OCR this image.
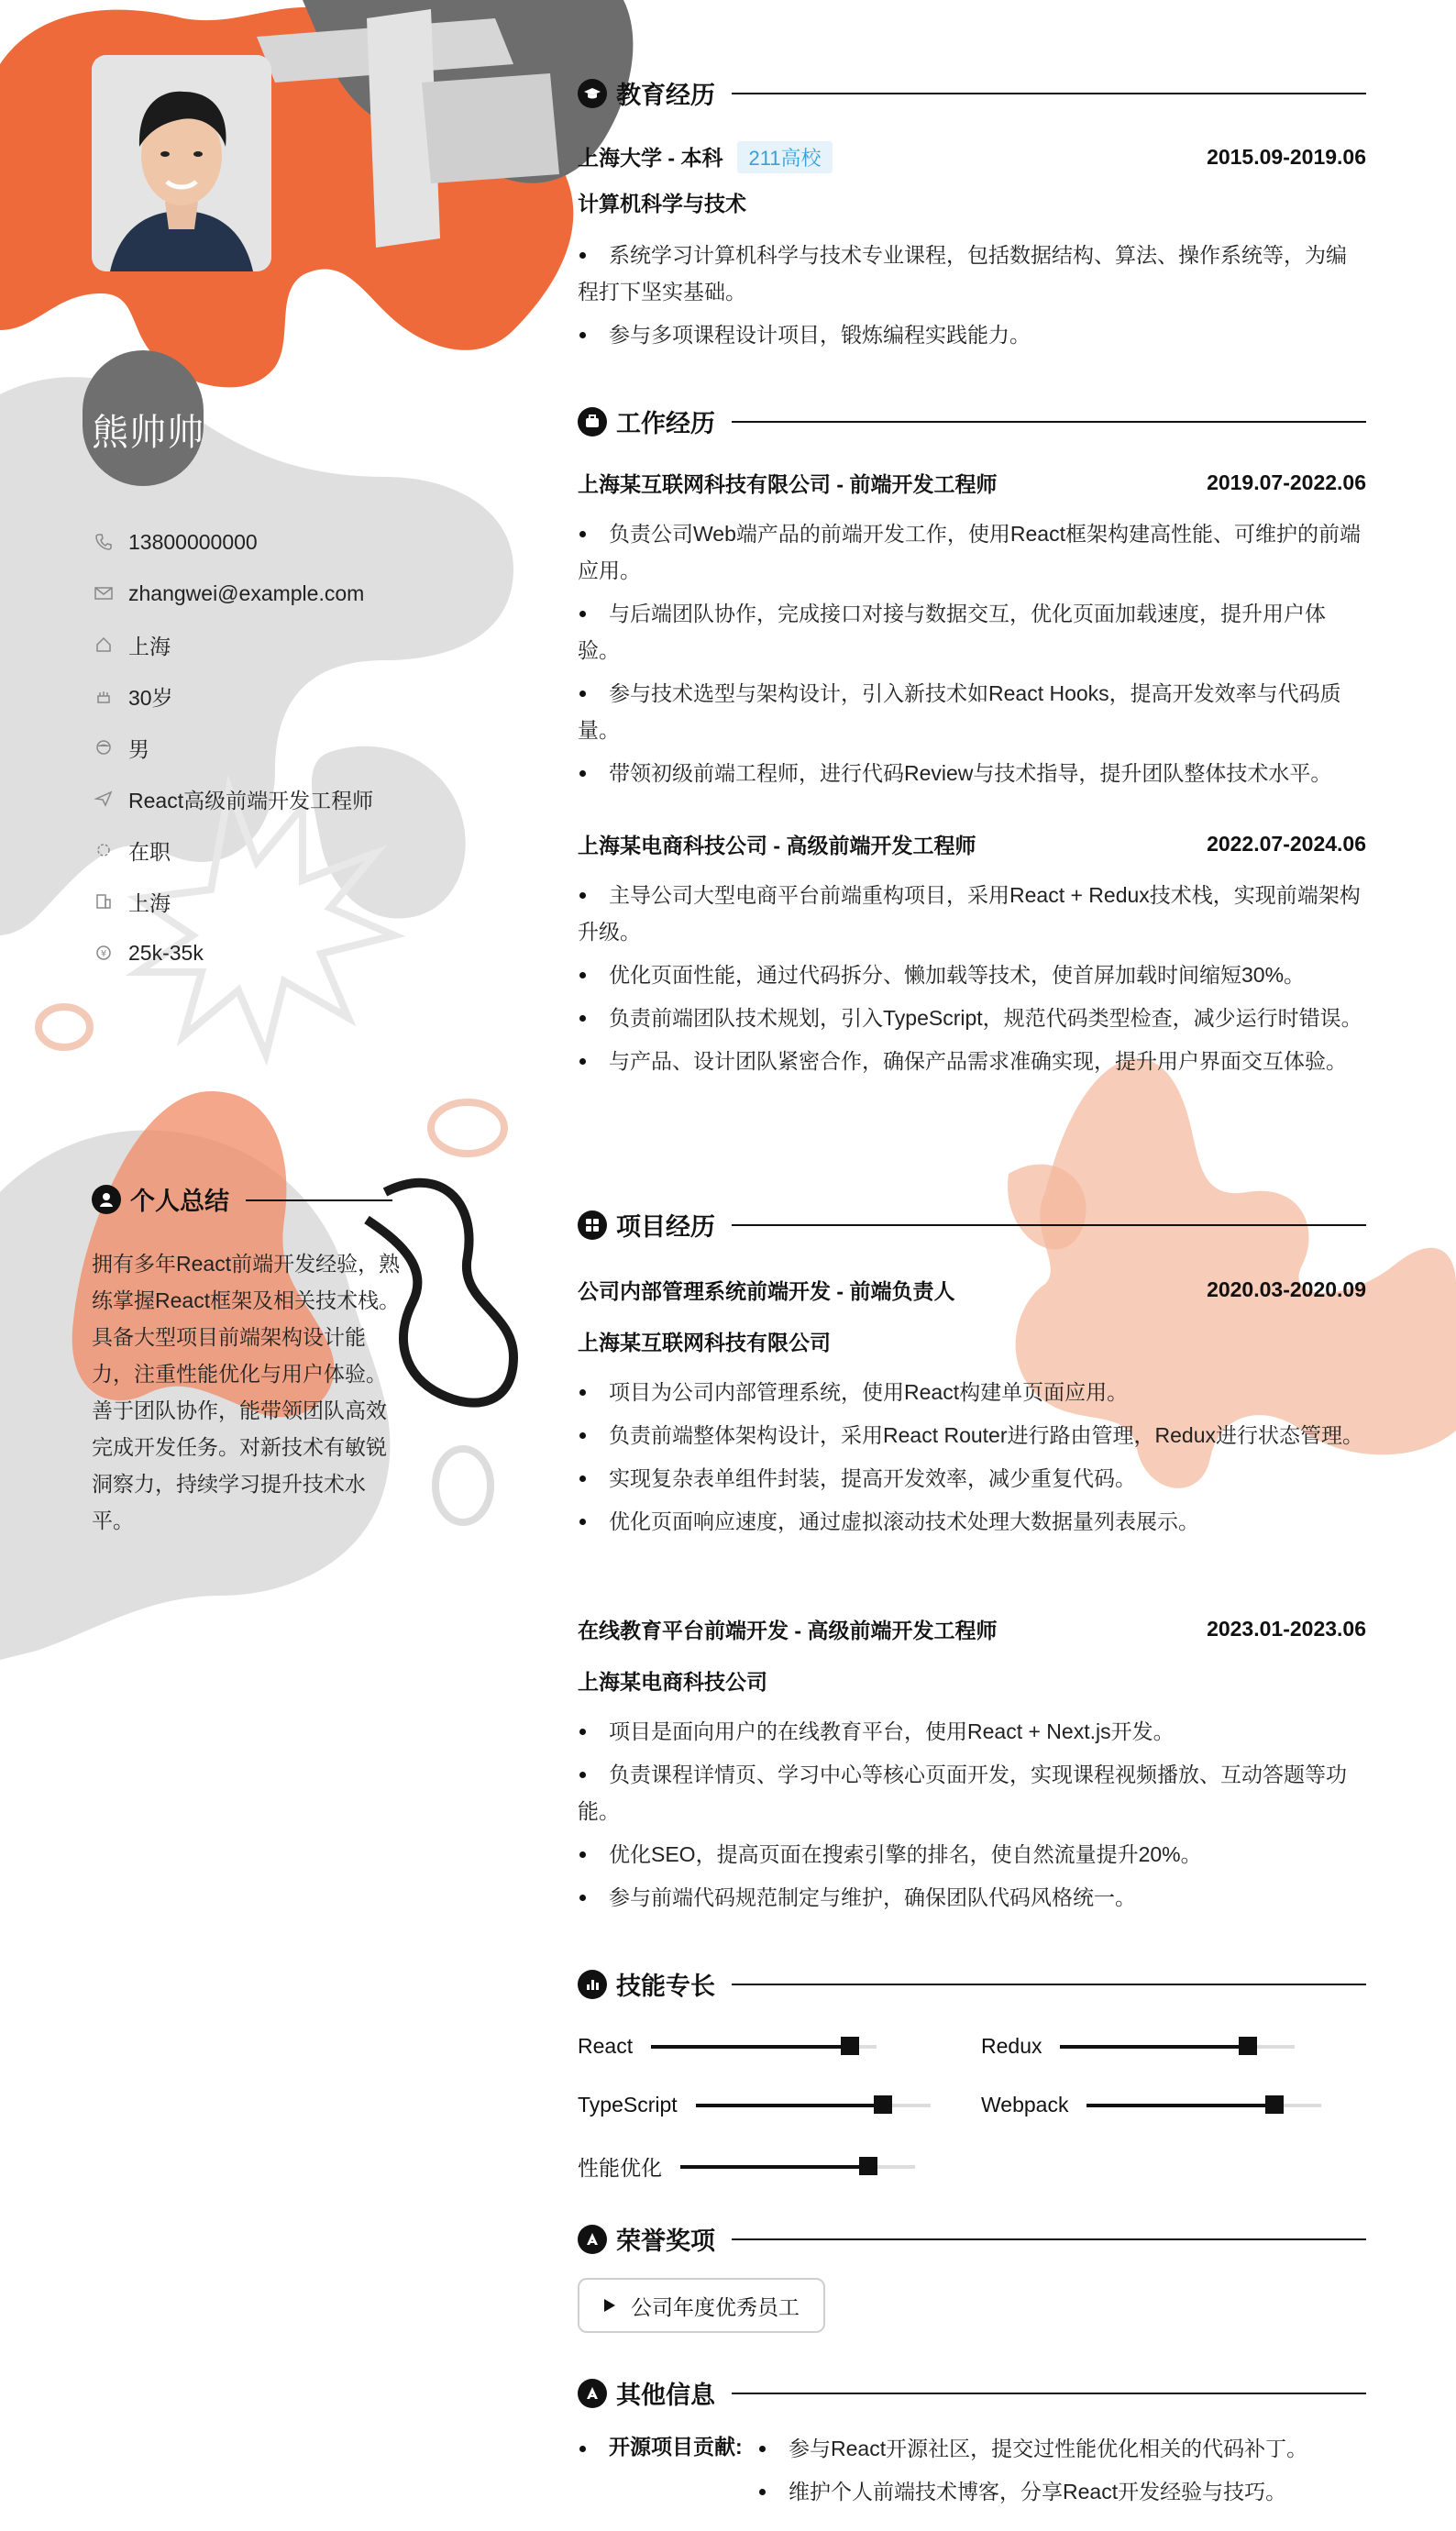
熊帅帅
13800000000
zhangwei@example.com
上海
30岁
男
React高级前端开发工程师
在职
上海
¥ 25k-35k
个人总结
拥有多年React前端开发经验，熟练掌握React框架及相关技术栈。具备大型项目前端架构设计能力，注重性能优化与用户体验。善于团队协作，能带领团队高效完成开发任务。对新技术有敏锐洞察力，持续学习提升技术水平。
教育经历
上海大学 - 本科 211高校	2015.09-2019.06
计算机科学与技术
系统学习计算机科学与技术专业课程，包括数据结构、算法、操作系统等，为编程打下坚实基础。
参与多项课程设计项目，锻炼编程实践能力。
工作经历
上海某互联网科技有限公司 - 前端开发工程师	2019.07-2022.06
负责公司Web端产品的前端开发工作，使用React框架构建高性能、可维护的前端应用。
与后端团队协作，完成接口对接与数据交互，优化页面加载速度，提升用户体验。
参与技术选型与架构设计，引入新技术如React Hooks，提高开发效率与代码质量。
带领初级前端工程师，进行代码Review与技术指导，提升团队整体技术水平。
上海某电商科技公司 - 高级前端开发工程师	2022.07-2024.06
主导公司大型电商平台前端重构项目，采用React + Redux技术栈，实现前端架构升级。
优化页面性能，通过代码拆分、懒加载等技术，使首屏加载时间缩短30%。
负责前端团队技术规划，引入TypeScript，规范代码类型检查，减少运行时错误。
与产品、设计团队紧密合作，确保产品需求准确实现，提升用户界面交互体验。
项目经历
公司内部管理系统前端开发 - 前端负责人	2020.03-2020.09
上海某互联网科技有限公司
项目为公司内部管理系统，使用React构建单页面应用。
负责前端整体架构设计，采用React Router进行路由管理，Redux进行状态管理。
实现复杂表单组件封装，提高开发效率，减少重复代码。
优化页面响应速度，通过虚拟滚动技术处理大数据量列表展示。
在线教育平台前端开发 - 高级前端开发工程师	2023.01-2023.06
上海某电商科技公司
项目是面向用户的在线教育平台，使用React + Next.js开发。
负责课程详情页、学习中心等核心页面开发，实现课程视频播放、互动答题等功能。
优化SEO，提高页面在搜索引擎的排名，使自然流量提升20%。
参与前端代码规范制定与维护，确保团队代码风格统一。
技能专长
React	Redux
TypeScript	Webpack
性能优化
荣誉奖项
公司年度优秀员工
其他信息
开源项目贡献:	参与React开源社区，提交过性能优化相关的代码补丁。
维护个人前端技术博客，分享React开发经验与技巧。
